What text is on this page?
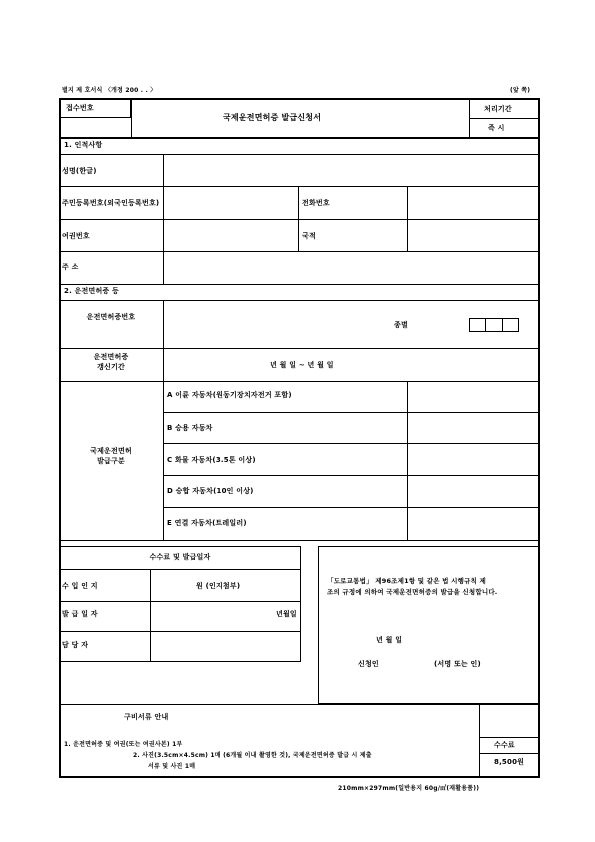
별지 제 호서식 〈개정 200 . . 〉	(앞 쪽)
접수번호
국제운전면허증 발급신청서
처리기간
즉 시
1. 인적사항
성명(한글)
주민등록번호(외국인등록번호)	전화번호
여권번호	국적
주 소
2. 운전면허증 등
운전면허증번호
종별
운전면허증
갱신기간	년 월 일 ~ 년 월 일
국제운전면허
발급구분
A 이륜 자동차(원동기장치자전거 포함)
B 승용 자동차
C 화물 자동차(3.5톤 이상)
D 승합 자동차(10인 이상)
E 연결 자동차(트레일러)
수수료 및 발급일자
수 입 인 지	원 (인지첨부)
발 급 일 자	년월일
담 당 자
「도로교통법」 제96조제1항 및 같은 법 시행규칙 제
조의 규정에 의하여 국제운전면허증의 발급을 신청합니다.
년 월 일
신청인	(서명 또는 인)
구비서류 안내
1. 운전면허증 및 여권(또는 여권사본) 1부
2. 사진(3.5cm×4.5cm) 1매 (6개월 이내 촬영한 것), 국제운전면허증 발급 시 제출
서류 및 사진 1매
수수료
8,500원
210mm×297mm(일반용지 60g/㎡(재활용품))
